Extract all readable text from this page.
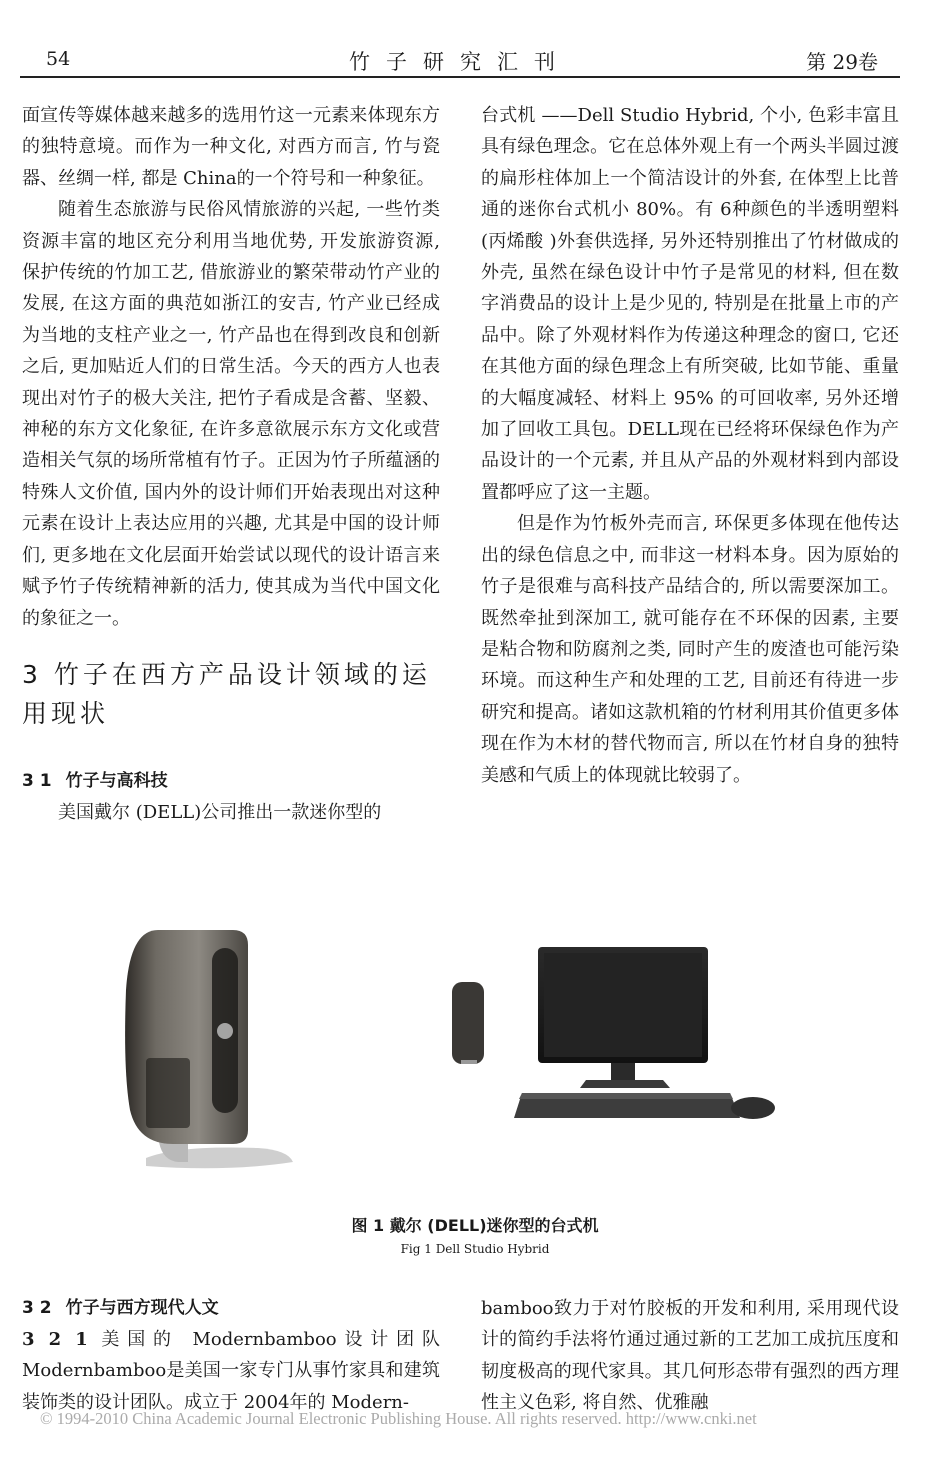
54	竹子研究汇刊	第 29卷

面宣传等媒体越来越多的选用竹这一元素来体现东方的独特意境。而作为一种文化, 对西方而言, 竹与瓷器、丝绸一样, 都是 China的一个符号和一种象征。

随着生态旅游与民俗风情旅游的兴起, 一些竹类资源丰富的地区充分利用当地优势, 开发旅游资源, 保护传统的竹加工艺, 借旅游业的繁荣带动竹产业的发展, 在这方面的典范如浙江的安吉, 竹产业已经成为当地的支柱产业之一, 竹产品也在得到改良和创新之后, 更加贴近人们的日常生活。今天的西方人也表现出对竹子的极大关注, 把竹子看成是含蓄、坚毅、神秘的东方文化象征, 在许多意欲展示东方文化或营造相关气氛的场所常植有竹子。正因为竹子所蕴涵的特殊人文价值, 国内外的设计师们开始表现出对这种元素在设计上表达应用的兴趣, 尤其是中国的设计师们, 更多地在文化层面开始尝试以现代的设计语言来赋予竹子传统精神新的活力, 使其成为当代中国文化的象征之一。

3 竹子在西方产品设计领域的运用现状
3 1 竹子与高科技

美国戴尔 (DELL)公司推出一款迷你型的

台式机 ——Dell Studio Hybrid, 个小, 色彩丰富且具有绿色理念。它在总体外观上有一个两头半圆过渡的扁形柱体加上一个简洁设计的外套, 在体型上比普通的迷你台式机小 80%。有 6种颜色的半透明塑料 (丙烯酸 )外套供选择, 另外还特别推出了竹材做成的外壳, 虽然在绿色设计中竹子是常见的材料, 但在数字消费品的设计上是少见的, 特别是在批量上市的产品中。除了外观材料作为传递这种理念的窗口, 它还在其他方面的绿色理念上有所突破, 比如节能、重量的大幅度减轻、材料上 95% 的可回收率, 另外还增加了回收工具包。DELL现在已经将环保绿色作为产品设计的一个元素, 并且从产品的外观材料到内部设置都呼应了这一主题。

但是作为竹板外壳而言, 环保更多体现在他传达出的绿色信息之中, 而非这一材料本身。因为原始的竹子是很难与高科技产品结合的, 所以需要深加工。既然牵扯到深加工, 就可能存在不环保的因素, 主要是粘合物和防腐剂之类, 同时产生的废渣也可能污染环境。而这种生产和处理的工艺, 目前还有待进一步研究和提高。诸如这款机箱的竹材利用其价值更多体现在作为木材的替代物而言, 所以在竹材自身的独特美感和气质上的体现就比较弱了。

图 1 戴尔 (DELL)迷你型的台式机
Fig 1 Dell Studio Hybrid
3 2 竹子与西方现代人文

3 2 1 美国的 Modernbamboo设计团队 Modernbamboo是美国一家专门从事竹家具和建筑装饰类的设计团队。成立于 2004年的 Modern-

bamboo致力于对竹胶板的开发和利用, 采用现代设计的简约手法将竹通过通过新的工艺加工成抗压度和韧度极高的现代家具。其几何形态带有强烈的西方理性主义色彩, 将自然、优雅融

© 1994-2010 China Academic Journal Electronic Publishing House. All rights reserved. http://www.cnki.net
